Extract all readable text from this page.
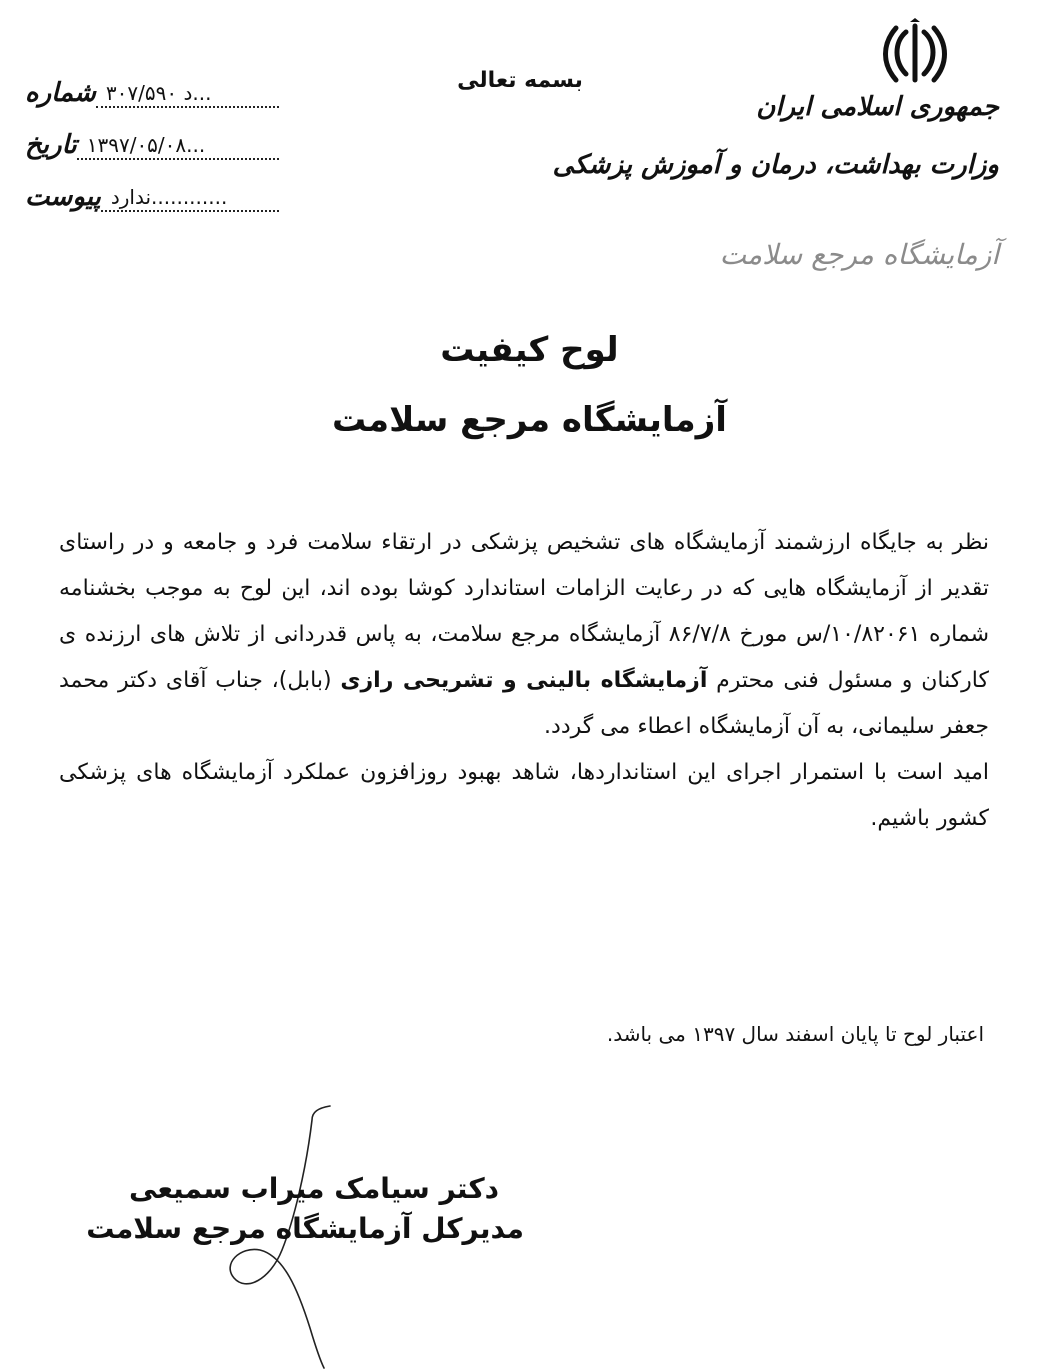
جمهوری اسلامی ایران
وزارت بهداشت، درمان و آموزش پزشکی
آزمایشگاه مرجع سلامت
بسمه تعالی
شماره ۳۰۷/۵۹۰ د...
تاریخ ۱۳۹۷/۰۵/۰۸...
پیوست ندارد............
لوح کیفیت
آزمایشگاه مرجع سلامت

نظر به جایگاه ارزشمند آزمایشگاه های تشخیص پزشکی در ارتقاء سلامت فرد و جامعه و در راستای تقدیر از آزمایشگاه هایی که در رعایت الزامات استاندارد کوشا بوده اند، این لوح به موجب بخشنامه شماره ۱۰/۸۲۰۶۱/س مورخ ۸۶/۷/۸ آزمایشگاه مرجع سلامت، به پاس قدردانی از تلاش های ارزنده ی کارکنان و مسئول فنی محترم آزمایشگاه بالینی و تشریحی رازی (بابل)، جناب آقای دکتر محمد جعفر سلیمانی، به آن آزمایشگاه اعطاء می گردد.

امید است با استمرار اجرای این استانداردها، شاهد بهبود روزافزون عملکرد آزمایشگاه های پزشکی کشور باشیم.

اعتبار لوح تا پایان اسفند سال ۱۳۹۷ می باشد.
دکتر سیامک میراب سمیعی
مدیرکل آزمایشگاه مرجع سلامت
